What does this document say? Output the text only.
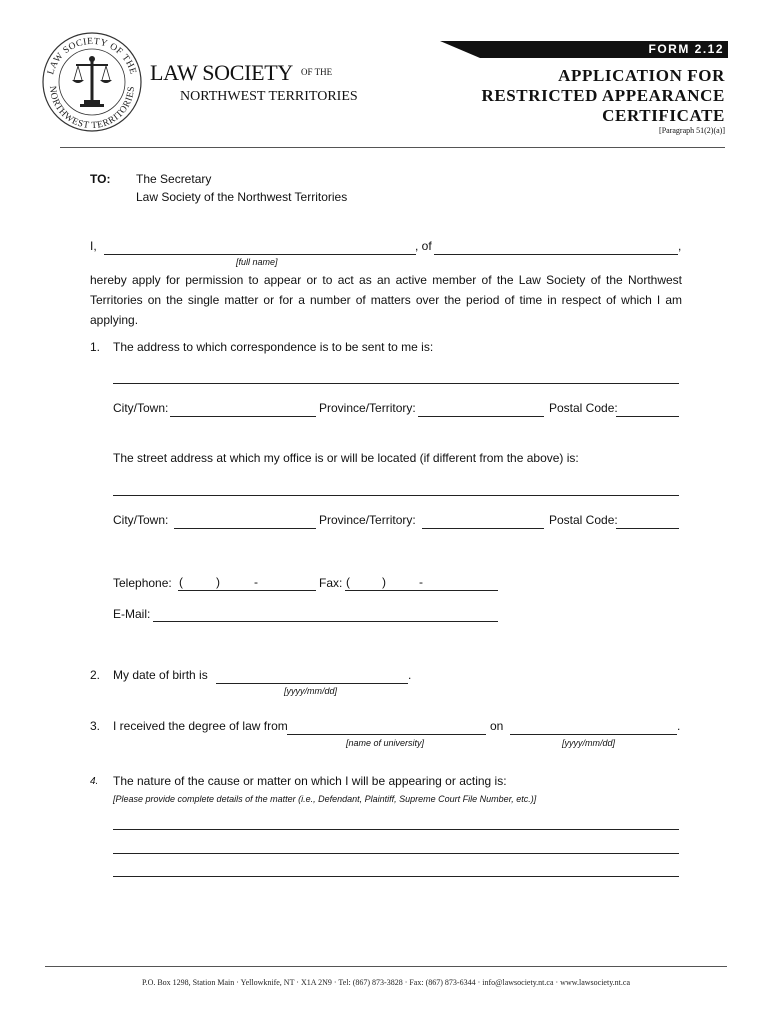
LAW SOCIETY OF THE
NORTHWEST TERRITORIES
LAW SOCIETY $^{OF THE}$
NORTHWEST TERRITORIES
FORM 2.12
APPLICATION FOR
RESTRICTED APPEARANCE
CERTIFICATE
[Paragraph 51(2)(a)]
TO: The Secretary
Law Society of the Northwest Territories
I,	, of	,
[full name]
hereby apply for permission to appear or to act as an active member of the Law Society of the Northwest Territories on the single matter or for a number of matters over the period of time in respect of which I am applying.
1. The address to which correspondence is to be sent to me is:
City/Town:	Province/Territory:	Postal Code:
The street address at which my office is or will be located (if different from the above) is:
City/Town:	Province/Territory:	Postal Code:
Telephone: (	)	-	Fax: (	)	-
E-Mail:
2. My date of birth is	.
[yyyy/mm/dd]
3. I received the degree of law from	on	.
[name of university]	[yyyy/mm/dd]
4. The nature of the cause or matter on which I will be appearing or acting is:
[Please provide complete details of the matter (i.e., Defendant, Plaintiff, Supreme Court File Number, etc.)]
P.O. Box 1298, Station Main · Yellowknife, NT · X1A 2N9 · Tel: (867) 873-3828 · Fax: (867) 873-6344 · info@lawsociety.nt.ca · www.lawsociety.nt.ca
